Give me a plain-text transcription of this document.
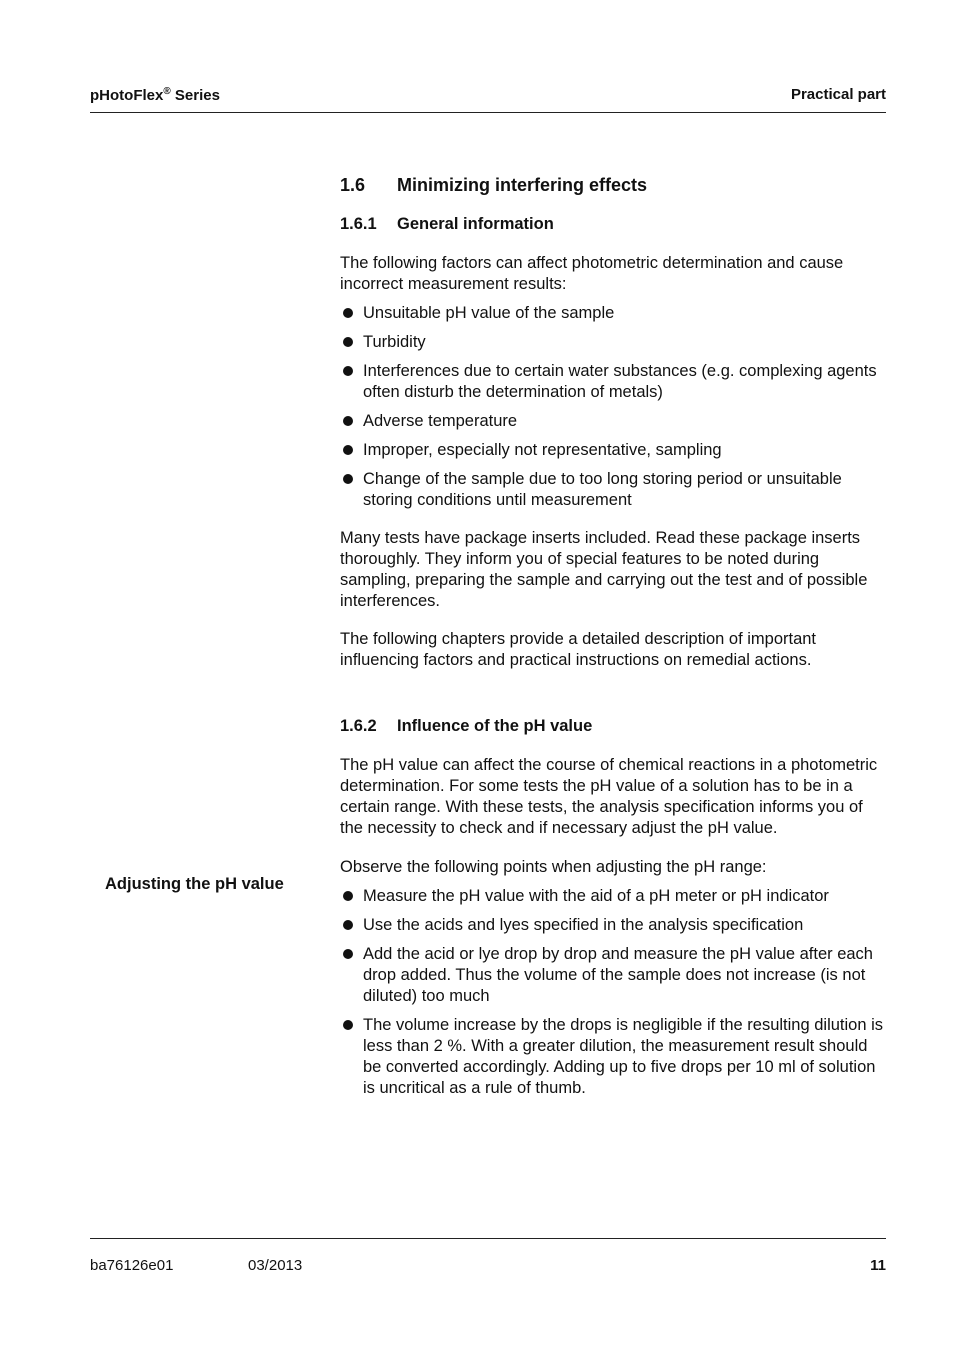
pHotoFlex® Series	Practical part
Adjusting the pH value
1.6 Minimizing interfering effects
1.6.1 General information

The following factors can affect photometric determination and cause incorrect measurement results:

Unsuitable pH value of the sample
Turbidity
Interferences due to certain water substances (e.g. complexing agents often disturb the determination of metals)
Adverse temperature
Improper, especially not representative, sampling
Change of the sample due to too long storing period or unsuitable storing conditions until measurement

Many tests have package inserts included. Read these package inserts thoroughly. They inform you of special features to be noted during sampling, preparing the sample and carrying out the test and of possible interferences.

The following chapters provide a detailed description of important influencing factors and practical instructions on remedial actions.

1.6.2 Influence of the pH value

The pH value can affect the course of chemical reactions in a photometric determination. For some tests the pH value of a solution has to be in a certain range. With these tests, the analysis specification informs you of the necessity to check and if necessary adjust the pH value.

Observe the following points when adjusting the pH range:

Measure the pH value with the aid of a pH meter or pH indicator
Use the acids and lyes specified in the analysis specification
Add the acid or lye drop by drop and measure the pH value after each drop added. Thus the volume of the sample does not increase (is not diluted) too much
The volume increase by the drops is negligible if the resulting dilution is less than 2 %. With a greater dilution, the measurement result should be converted accordingly. Adding up to five drops per 10 ml of solution is uncritical as a rule of thumb.
ba76126e01	03/2013	11
